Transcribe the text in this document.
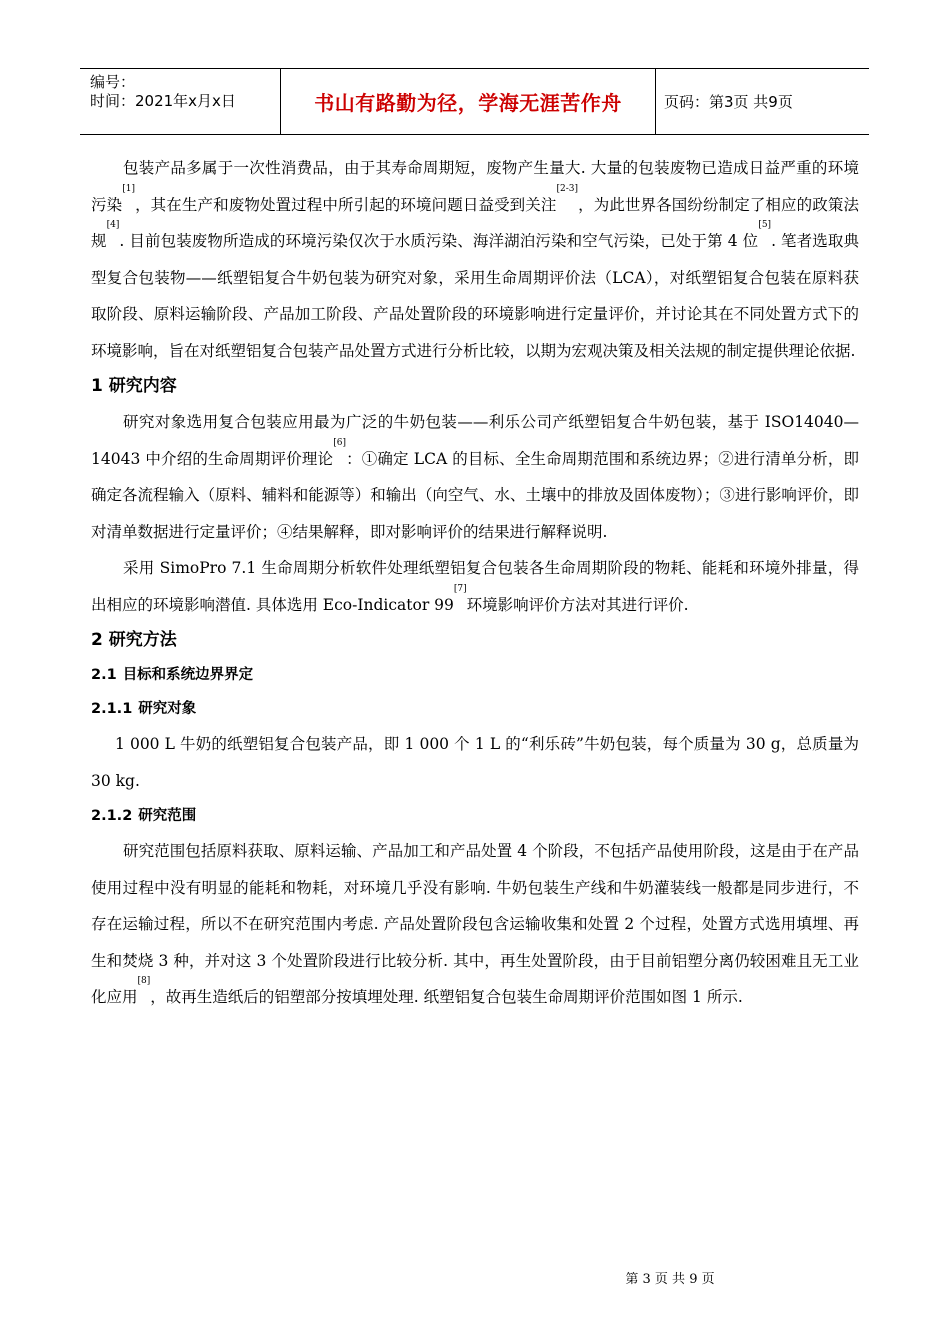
编号：
时间：2021年x月x日	书山有路勤为径，学海无涯苦作舟	页码：第3页 共9页

包装产品多属于一次性消费品，由于其寿命周期短，废物产生量大. 大量的包装废物已造成日益严重的环境污染[1]，其在生产和废物处置过程中所引起的环境问题日益受到关注[2-3]，为此世界各国纷纷制定了相应的政策法规[4]. 目前包装废物所造成的环境污染仅次于水质污染、海洋湖泊污染和空气污染，已处于第 4 位[5]. 笔者选取典型复合包装物——纸塑铝复合牛奶包装为研究对象，采用生命周期评价法（LCA），对纸塑铝复合包装在原料获取阶段、原料运输阶段、产品加工阶段、产品处置阶段的环境影响进行定量评价，并讨论其在不同处置方式下的环境影响，旨在对纸塑铝复合包装产品处置方式进行分析比较，以期为宏观决策及相关法规的制定提供理论依据.

1 研究内容

研究对象选用复合包装应用最为广泛的牛奶包装——利乐公司产纸塑铝复合牛奶包装，基于 ISO14040—14043 中介绍的生命周期评价理论[6]：①确定 LCA 的目标、全生命周期范围和系统边界；②进行清单分析，即确定各流程输入（原料、辅料和能源等）和输出（向空气、水、土壤中的排放及固体废物）；③进行影响评价，即对清单数据进行定量评价；④结果解释，即对影响评价的结果进行解释说明.

采用 SimoPro 7.1 生命周期分析软件处理纸塑铝复合包装各生命周期阶段的物耗、能耗和环境外排量，得出相应的环境影响潜值. 具体选用 Eco-Indicator 99[7]环境影响评价方法对其进行评价.

2 研究方法
2.1 目标和系统边界界定
2.1.1 研究对象

1 000 L 牛奶的纸塑铝复合包装产品，即 1 000 个 1 L 的“利乐砖”牛奶包装，每个质量为 30 g，总质量为 30 kg.

2.1.2 研究范围

研究范围包括原料获取、原料运输、产品加工和产品处置 4 个阶段，不包括产品使用阶段，这是由于在产品使用过程中没有明显的能耗和物耗，对环境几乎没有影响. 牛奶包装生产线和牛奶灌装线一般都是同步进行，不存在运输过程，所以不在研究范围内考虑. 产品处置阶段包含运输收集和处置 2 个过程，处置方式选用填埋、再生和焚烧 3 种，并对这 3 个处置阶段进行比较分析. 其中，再生处置阶段，由于目前铝塑分离仍较困难且无工业化应用[8]，故再生造纸后的铝塑部分按填埋处理. 纸塑铝复合包装生命周期评价范围如图 1 所示.

第 3 页 共 9 页
